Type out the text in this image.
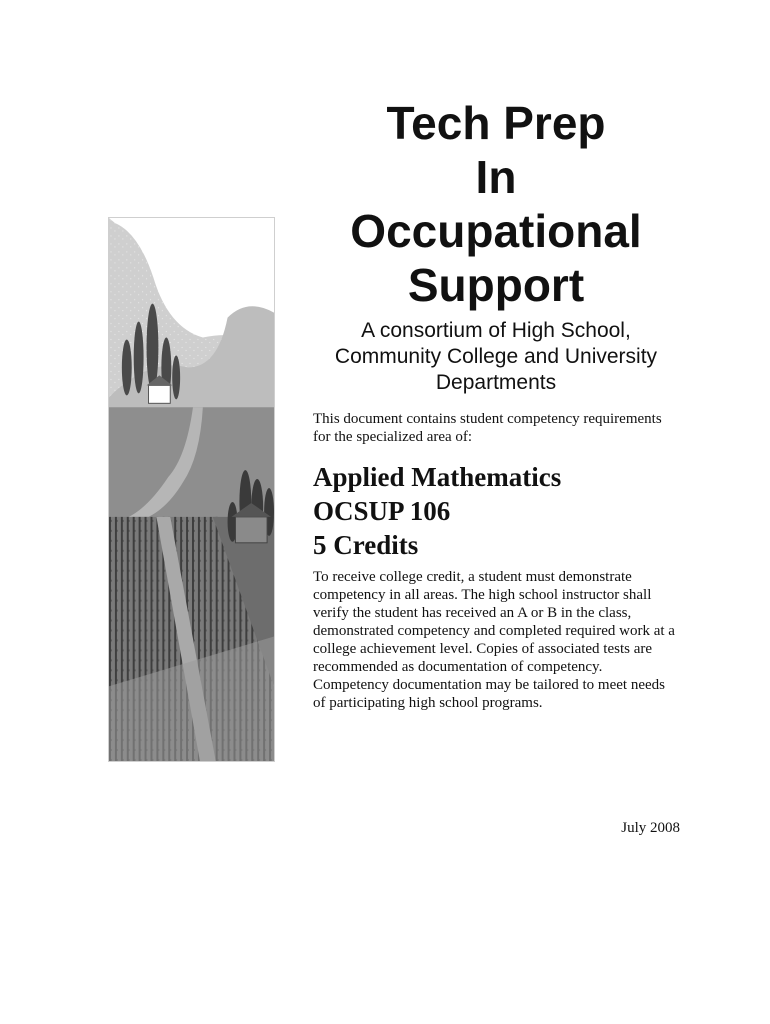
Tech Prep
In
Occupational
Support
A consortium of High School,
Community College and University
Departments
This document contains student competency requirements
for the specialized area of:
Applied Mathematics
OCSUP 106
5 Credits
To receive college credit, a student must demonstrate
competency in all areas. The high school instructor shall
verify the student has received an A or B in the class,
demonstrated competency and completed required work at a
college achievement level. Copies of associated tests are
recommended as documentation of competency.
Competency documentation may be tailored to meet needs
of participating high school programs.
July 2008
